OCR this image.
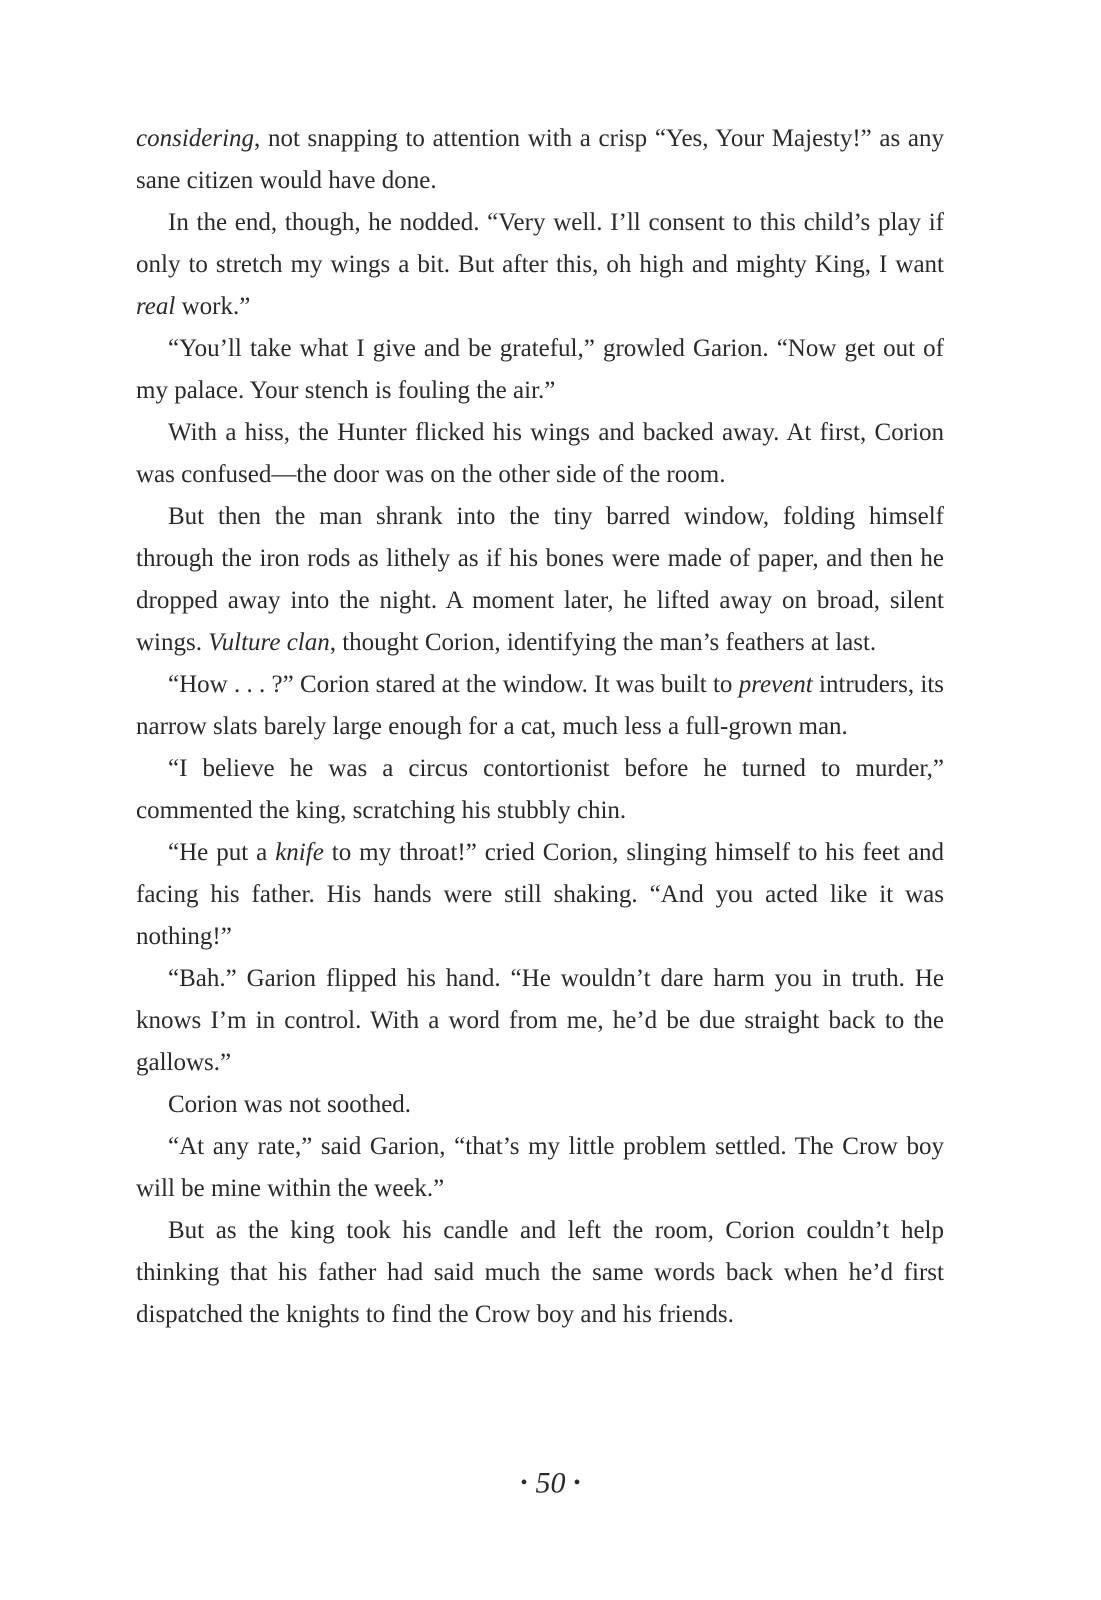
considering, not snapping to attention with a crisp “Yes, Your Majesty!” as any sane citizen would have done.

In the end, though, he nodded. “Very well. I’ll consent to this child’s play if only to stretch my wings a bit. But after this, oh high and mighty King, I want real work.”

“You’ll take what I give and be grateful,” growled Garion. “Now get out of my palace. Your stench is fouling the air.”

With a hiss, the Hunter flicked his wings and backed away. At first, Corion was confused—the door was on the other side of the room.

But then the man shrank into the tiny barred window, folding himself through the iron rods as lithely as if his bones were made of paper, and then he dropped away into the night. A moment later, he lifted away on broad, silent wings. Vulture clan, thought Corion, identifying the man’s feathers at last.

“How . . . ?” Corion stared at the window. It was built to prevent intruders, its narrow slats barely large enough for a cat, much less a full-grown man.

“I believe he was a circus contortionist before he turned to murder,” commented the king, scratching his stubbly chin.

“He put a knife to my throat!” cried Corion, slinging himself to his feet and facing his father. His hands were still shaking. “And you acted like it was nothing!”

“Bah.” Garion flipped his hand. “He wouldn’t dare harm you in truth. He knows I’m in control. With a word from me, he’d be due straight back to the gallows.”

Corion was not soothed.

“At any rate,” said Garion, “that’s my little problem settled. The Crow boy will be mine within the week.”

But as the king took his candle and left the room, Corion couldn’t help thinking that his father had said much the same words back when he’d first dispatched the knights to find the Crow boy and his friends.

• 50 •
